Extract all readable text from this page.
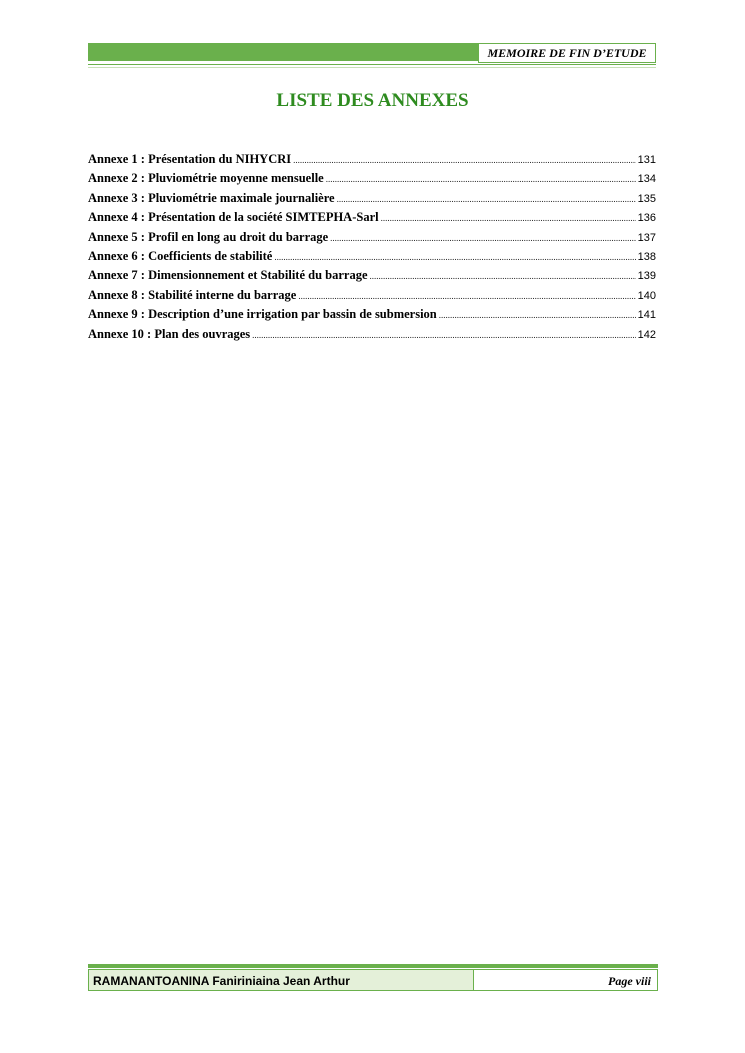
MEMOIRE DE FIN D’ETUDE
LISTE DES ANNEXES
Annexe 1 : Présentation du NIHYCRI .....	131
Annexe 2 : Pluviométrie moyenne mensuelle .....	134
Annexe 3 : Pluviométrie maximale journalière .....	135
Annexe 4 : Présentation de la société SIMTEPHA-Sarl .....	136
Annexe 5 : Profil en long au droit du barrage .....	137
Annexe 6 : Coefficients de stabilité .....	138
Annexe 7 : Dimensionnement et Stabilité du barrage .....	139
Annexe 8 : Stabilité interne du barrage .....	140
Annexe 9 : Description d’une irrigation par bassin de submersion .....	141
Annexe 10 : Plan des ouvrages .....	142
RAMANANTOANINA Faniriniaina Jean Arthur	Page viii
